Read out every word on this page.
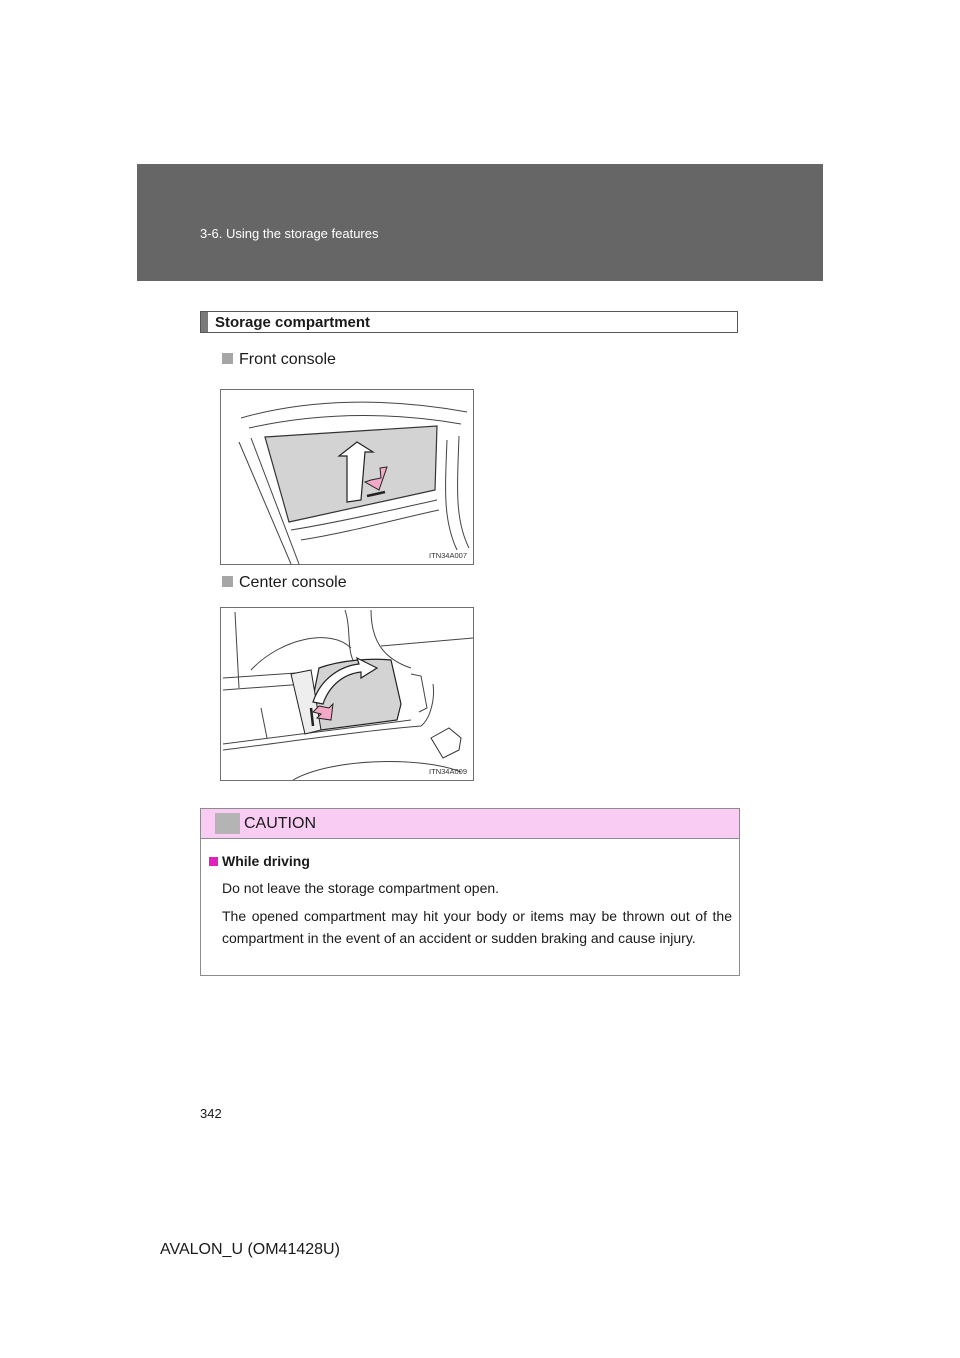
3-6. Using the storage features
Storage compartment
Front console
ITN34A007
Center console
ITN34A009
CAUTION
While driving
Do not leave the storage compartment open.
The opened compartment may hit your body or items may be thrown out of the compartment in the event of an accident or sudden braking and cause injury.
342
AVALON_U (OM41428U)
